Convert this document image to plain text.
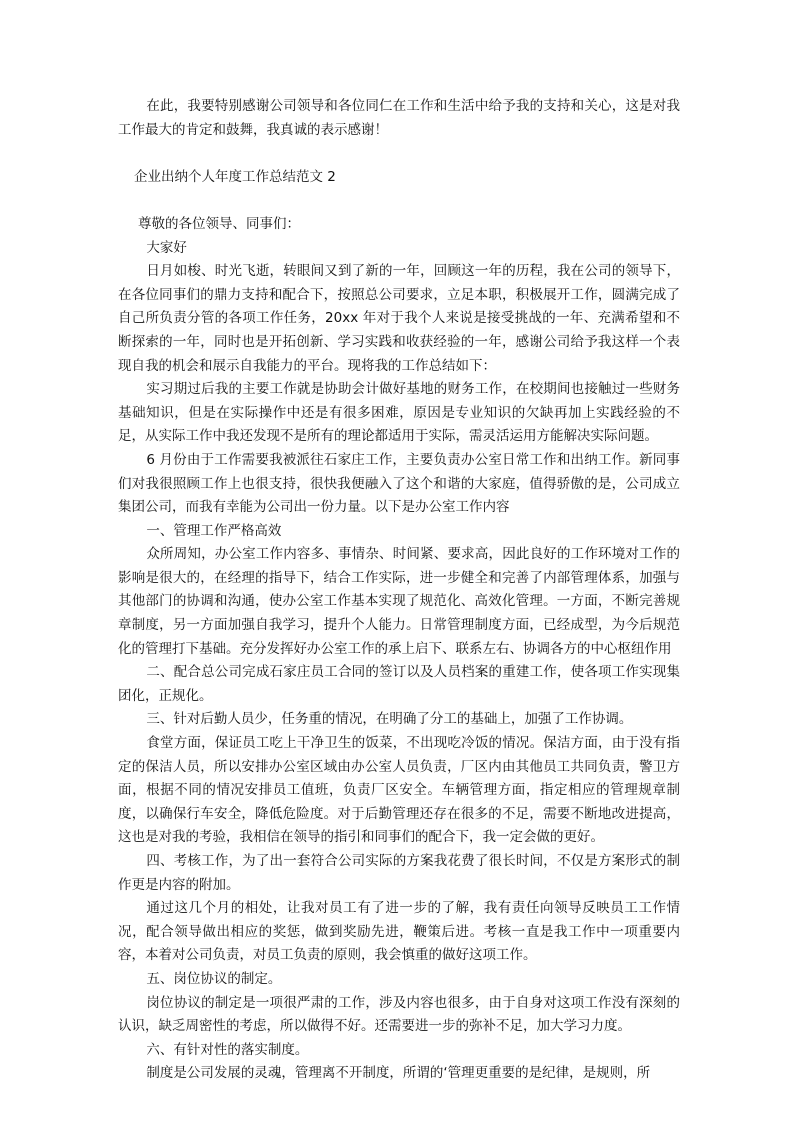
在此，我要特别感谢公司领导和各位同仁在工作和生活中给予我的支持和关心，这是对我工作最大的肯定和鼓舞，我真诚的表示感谢！

企业出纳个人年度工作总结范文 2

尊敬的各位领导、同事们：

大家好

日月如梭、时光飞逝，转眼间又到了新的一年，回顾这一年的历程，我在公司的领导下，在各位同事们的鼎力支持和配合下，按照总公司要求，立足本职，积极展开工作，圆满完成了自己所负责分管的各项工作任务，20xx 年对于我个人来说是接受挑战的一年、充满希望和不断探索的一年，同时也是开拓创新、学习实践和收获经验的一年，感谢公司给予我这样一个表现自我的机会和展示自我能力的平台。现将我的工作总结如下：

实习期过后我的主要工作就是协助会计做好基地的财务工作，在校期间也接触过一些财务基础知识，但是在实际操作中还是有很多困难，原因是专业知识的欠缺再加上实践经验的不足，从实际工作中我还发现不是所有的理论都适用于实际，需灵活运用方能解决实际问题。

6 月份由于工作需要我被派往石家庄工作，主要负责办公室日常工作和出纳工作。新同事们对我很照顾工作上也很支持，很快我便融入了这个和谐的大家庭，值得骄傲的是，公司成立集团公司，而我有幸能为公司出一份力量。以下是办公室工作内容

一、管理工作严格高效

众所周知，办公室工作内容多、事情杂、时间紧、要求高，因此良好的工作环境对工作的影响是很大的，在经理的指导下，结合工作实际，进一步健全和完善了内部管理体系，加强与其他部门的协调和沟通，使办公室工作基本实现了规范化、高效化管理。一方面，不断完善规章制度，另一方面加强自我学习，提升个人能力。日常管理制度方面，已经成型，为今后规范化的管理打下基础。充分发挥好办公室工作的承上启下、联系左右、协调各方的中心枢纽作用

二、配合总公司完成石家庄员工合同的签订以及人员档案的重建工作，使各项工作实现集团化，正规化。

三、针对后勤人员少，任务重的情况，在明确了分工的基础上，加强了工作协调。

食堂方面，保证员工吃上干净卫生的饭菜，不出现吃冷饭的情况。保洁方面，由于没有指定的保洁人员，所以安排办公室区域由办公室人员负责，厂区内由其他员工共同负责，警卫方面，根据不同的情况安排员工值班，负责厂区安全。车辆管理方面，指定相应的管理规章制度，以确保行车安全，降低危险度。对于后勤管理还存在很多的不足，需要不断地改进提高，这也是对我的考验，我相信在领导的指引和同事们的配合下，我一定会做的更好。

四、考核工作，为了出一套符合公司实际的方案我花费了很长时间，不仅是方案形式的制作更是内容的附加。

通过这几个月的相处，让我对员工有了进一步的了解，我有责任向领导反映员工工作情况，配合领导做出相应的奖惩，做到奖励先进，鞭策后进。考核一直是我工作中一项重要内容，本着对公司负责，对员工负责的原则，我会慎重的做好这项工作。

五、岗位协议的制定。

岗位协议的制定是一项很严肃的工作，涉及内容也很多，由于自身对这项工作没有深刻的认识，缺乏周密性的考虑，所以做得不好。还需要进一步的弥补不足，加大学习力度。

六、有针对性的落实制度。

制度是公司发展的灵魂，管理离不开制度，所谓的‘管理更重要的是纪律，是规则，所
